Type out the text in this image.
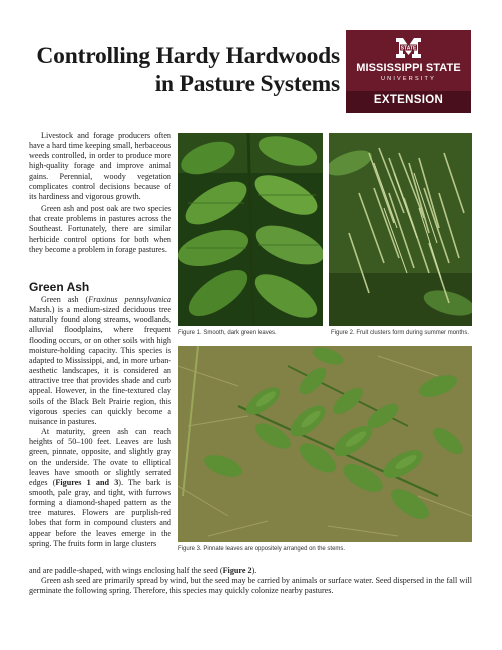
Controlling Hardy Hardwoods
in Pasture Systems
STATE
MISSISSIPPI STATE
UNIVERSITY
EXTENSION

Livestock and forage producers often have a hard time keeping small, herbaceous weeds controlled, in order to produce more high-quality forage and improve animal gains. Perennial, woody vegetation complicates control decisions because of its hardiness and vigorous growth.

Green ash and post oak are two species that create problems in pastures across the Southeast. Fortunately, there are similar herbicide control options for both when they become a problem in forage pastures.

Green Ash

Green ash (Fraxinus pennsylvanica Marsh.) is a medium-sized deciduous tree naturally found along streams, woodlands, alluvial floodplains, where frequent flooding occurs, or on other soils with high moisture-holding capacity. This species is adapted to Mississippi, and, in more urban-aesthetic landscapes, it is considered an attractive tree that provides shade and curb appeal. However, in the fine-textured clay soils of the Black Belt Prairie region, this vigorous species can quickly become a nuisance in pastures.

At maturity, green ash can reach heights of 50–100 feet. Leaves are lush green, pinnate, opposite, and slightly gray on the underside. The ovate to elliptical leaves have smooth or slightly serrated edges (Figures 1 and 3). The bark is smooth, pale gray, and tight, with furrows forming a diamond-shaped pattern as the tree matures. Flowers are purplish-red lobes that form in compound clusters and appear before the leaves emerge in the spring. The fruits form in large clusters

and are paddle-shaped, with wings enclosing half the seed (Figure 2).

Green ash seed are primarily spread by wind, but the seed may be carried by animals or surface water. Seed dispersed in the fall will germinate the following spring. Therefore, this species may quickly colonize nearby pastures.

Figure 1. Smooth, dark green leaves.	Figure 2. Fruit clusters form during summer months.
Figure 3. Pinnate leaves are oppositely arranged on the stems.
